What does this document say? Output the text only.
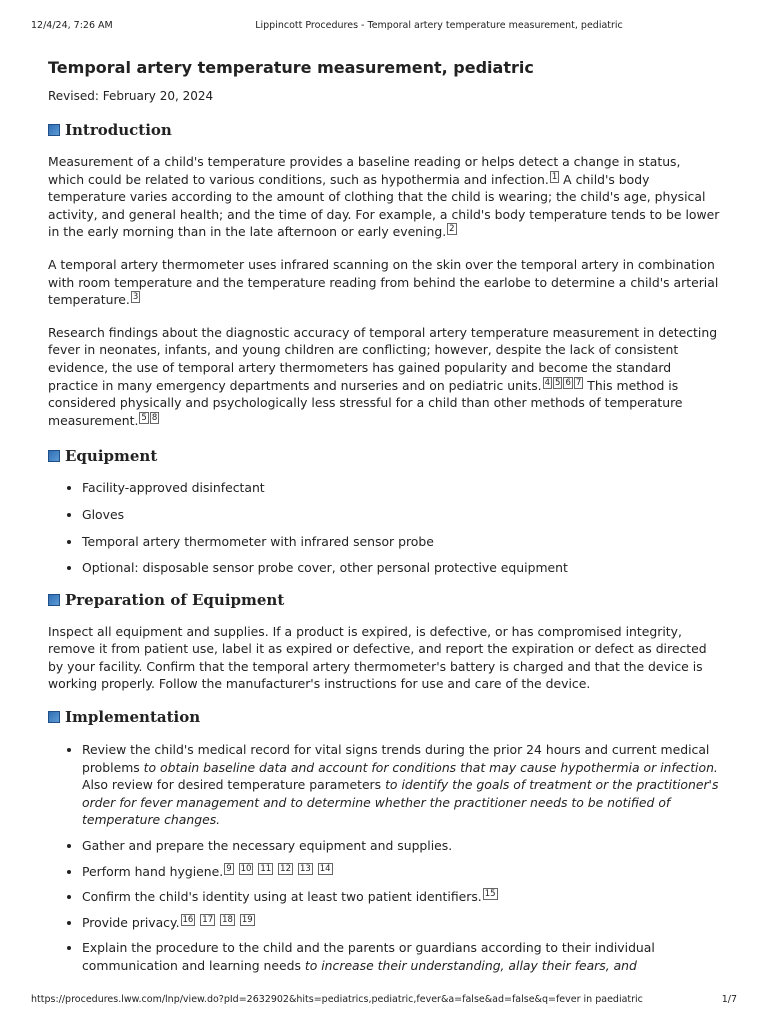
12/4/24, 7:26 AM	Lippincott Procedures - Temporal artery temperature measurement, pediatric
Temporal artery temperature measurement, pediatric
Revised: February 20, 2024
Introduction

Measurement of a child's temperature provides a baseline reading or helps detect a change in status, which could be related to various conditions, such as hypothermia and infection. 1 A child's body temperature varies according to the amount of clothing that the child is wearing; the child's age, physical activity, and general health; and the time of day. For example, a child's body temperature tends to be lower in the early morning than in the late afternoon or early evening. 2

A temporal artery thermometer uses infrared scanning on the skin over the temporal artery in combination with room temperature and the temperature reading from behind the earlobe to determine a child's arterial temperature. 3

Research findings about the diagnostic accuracy of temporal artery temperature measurement in detecting fever in neonates, infants, and young children are conflicting; however, despite the lack of consistent evidence, the use of temporal artery thermometers has gained popularity and become the standard practice in many emergency departments and nurseries and on pediatric units. 4 5 6 7 This method is considered physically and psychologically less stressful for a child than other methods of temperature measurement. 5 8

Equipment
• Facility-approved disinfectant
• Gloves
• Temporal artery thermometer with infrared sensor probe
• Optional: disposable sensor probe cover, other personal protective equipment
Preparation of Equipment

Inspect all equipment and supplies. If a product is expired, is defective, or has compromised integrity, remove it from patient use, label it as expired or defective, and report the expiration or defect as directed by your facility. Confirm that the temporal artery thermometer's battery is charged and that the device is working properly. Follow the manufacturer's instructions for use and care of the device.

Implementation
• Review the child's medical record for vital signs trends during the prior 24 hours and current medical problems to obtain baseline data and account for conditions that may cause hypothermia or infection. Also review for desired temperature parameters to identify the goals of treatment or the practitioner's order for fever management and to determine whether the practitioner needs to be notified of temperature changes.
• Gather and prepare the necessary equipment and supplies.
• Perform hand hygiene. 9 10 11 12 13 14
• Confirm the child's identity using at least two patient identifiers. 15
• Provide privacy. 16 17 18 19
• Explain the procedure to the child and the parents or guardians according to their individual communication and learning needs to increase their understanding, allay their fears, and
https://procedures.lww.com/lnp/view.do?pId=2632902&hits=pediatrics,pediatric,fever&a=false&ad=false&q=fever in paediatric	1/7
